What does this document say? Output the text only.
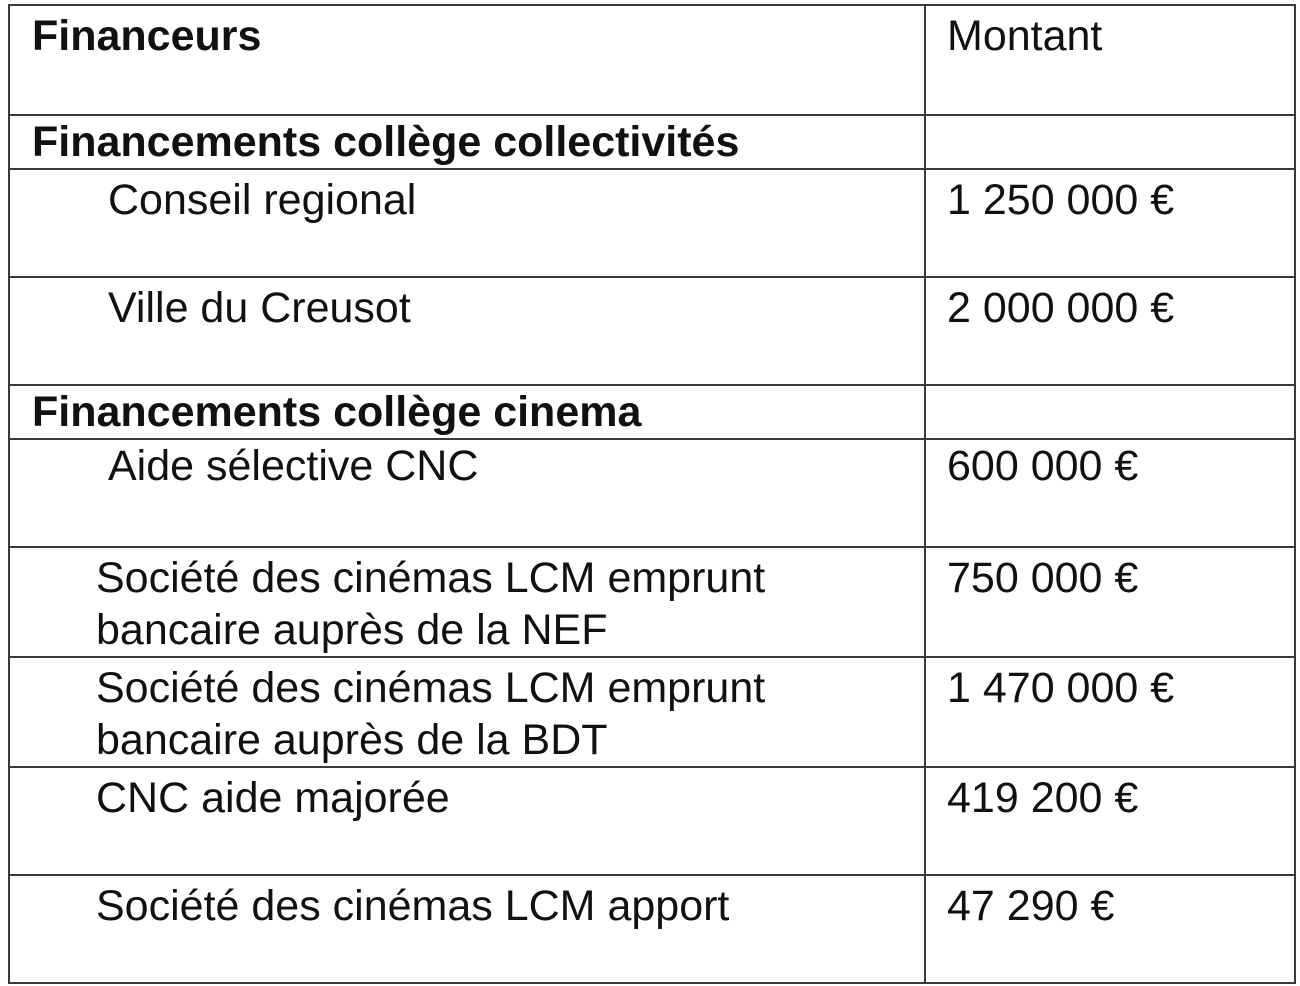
Financeurs	Montant

Financements collège collectivités	

Conseil regional	1 250 000 €

Ville du Creusot	2 000 000 €

Financements collège cinema	

Aide sélective CNC	600 000 €

Société des cinémas LCM emprunt
bancaire auprès de la NEF	750 000 €

Société des cinémas LCM emprunt
bancaire auprès de la BDT	1 470 000 €

CNC aide majorée	419 200 €

Société des cinémas LCM apport	47 290 €
